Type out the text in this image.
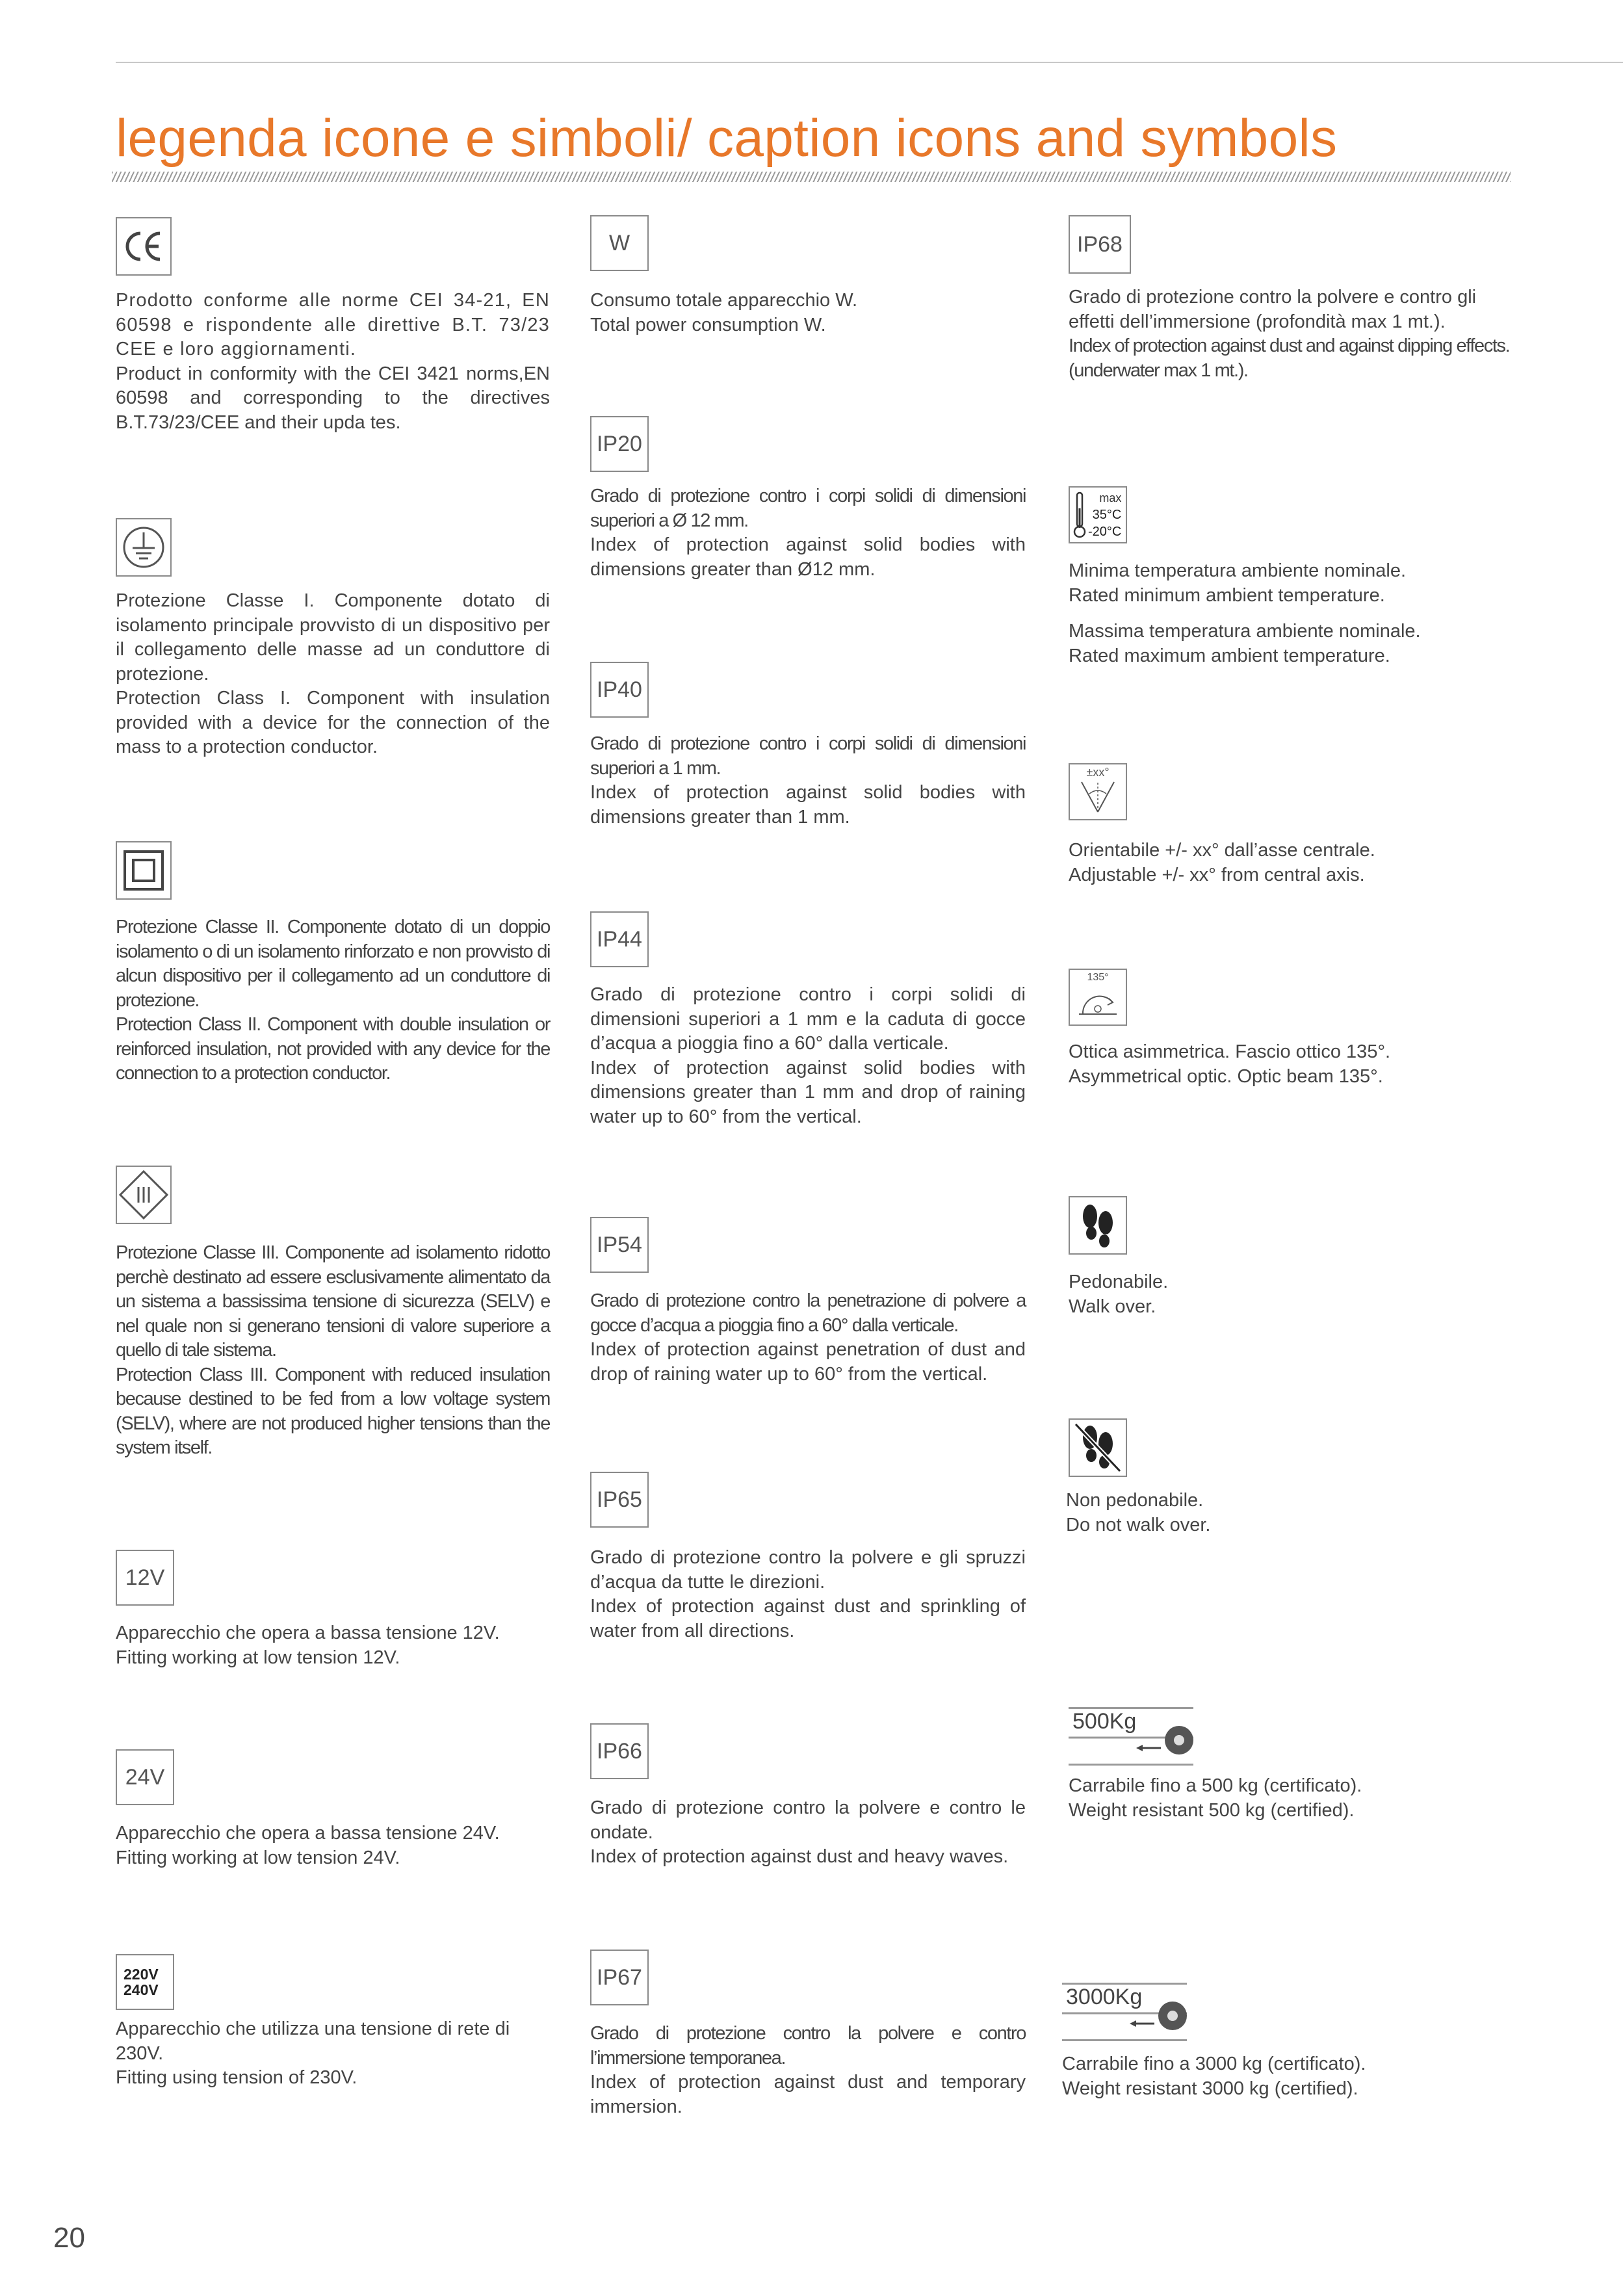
legenda icone e simboli/ caption icons and symbols

Prodotto conforme alle norme CEI 34-21, EN 60598 e rispondente alle direttive B.T. 73/23 CEE e loro aggiornamenti.

Product in conformity with the CEI 3421 norms,EN 60598 and corresponding to the directives B.T.73/23/CEE and their upda tes.

Protezione Classe I. Componente dotato di isolamento principale provvisto di un dispositivo per il collegamento delle masse ad un conduttore di protezione.

Protection Class I. Component with insulation provided with a device for the connection of the mass to a protection conductor.

Protezione Classe II. Componente dotato di un doppio isolamento o di un isolamento rinforzato e non provvisto di alcun dispositivo per il collegamento ad un conduttore di protezione.

Protection Class II. Component with double insulation or reinforced insulation, not provided with any device for the connection to a protection conductor.

Protezione Classe III. Componente ad isolamento ridotto perchè destinato ad essere esclusivamente alimentato da un sistema a bassissima tensione di sicurezza (SELV) e nel quale non si generano tensioni di valore superiore a quello di tale sistema.

Protection Class III. Component with reduced insulation because destined to be fed from a low voltage system (SELV), where are not produced higher tensions than the system itself.

12V

Apparecchio che opera a bassa tensione 12V.

Fitting working at low tension 12V.

24V

Apparecchio che opera a bassa tensione 24V.

Fitting working at low tension 24V.

220V
240V

Apparecchio che utilizza una tensione di rete di 230V.

Fitting using tension of 230V.

W

Consumo totale apparecchio W.

Total power consumption W.

IP20

Grado di protezione contro i corpi solidi di dimensioni superiori a Ø 12 mm.

Index of protection against solid bodies with dimensions greater than Ø12 mm.

IP40

Grado di protezione contro i corpi solidi di dimensioni superiori a 1 mm.

Index of protection against solid bodies with dimensions greater than 1 mm.

IP44

Grado di protezione contro i corpi solidi di dimensioni superiori a 1 mm e la caduta di gocce d’acqua a pioggia fino a 60° dalla verticale.

Index of protection against solid bodies with dimensions greater than 1 mm and drop of raining water up to 60° from the vertical.

IP54

Grado di protezione contro la penetrazione di polvere a gocce d’acqua a pioggia fino a 60° dalla verticale.

Index of protection against penetration of dust and drop of raining water up to 60° from the vertical.

IP65

Grado di protezione contro la polvere e gli spruzzi d’acqua da tutte le direzioni.

Index of protection against dust and sprinkling of water from all directions.

IP66

Grado di protezione contro la polvere e contro le ondate.

Index of protection against dust and heavy waves.

IP67

Grado di protezione contro la polvere e contro l’immersione temporanea.

Index of protection against dust and temporary immersion.

IP68

Grado di protezione contro la polvere e contro gli effetti dell’immersione (profondità max 1 mt.).

Index of protection against dust and against dipping effects. (underwater max 1 mt.).

max
35°C
-20°C

Minima temperatura ambiente nominale.

Rated minimum ambient temperature.

Massima temperatura ambiente nominale.

Rated maximum ambient temperature.

±xx°

Orientabile +/- xx° dall’asse centrale.

Adjustable +/- xx° from central axis.

135°

Ottica asimmetrica. Fascio ottico 135°.

Asymmetrical optic. Optic beam 135°.

Pedonabile.

Walk over.

Non pedonabile.

Do not walk over.

500Kg

Carrabile fino a 500 kg (certificato).

Weight resistant 500 kg (certified).

3000Kg

Carrabile fino a 3000 kg (certificato).

Weight resistant 3000 kg (certified).

20
